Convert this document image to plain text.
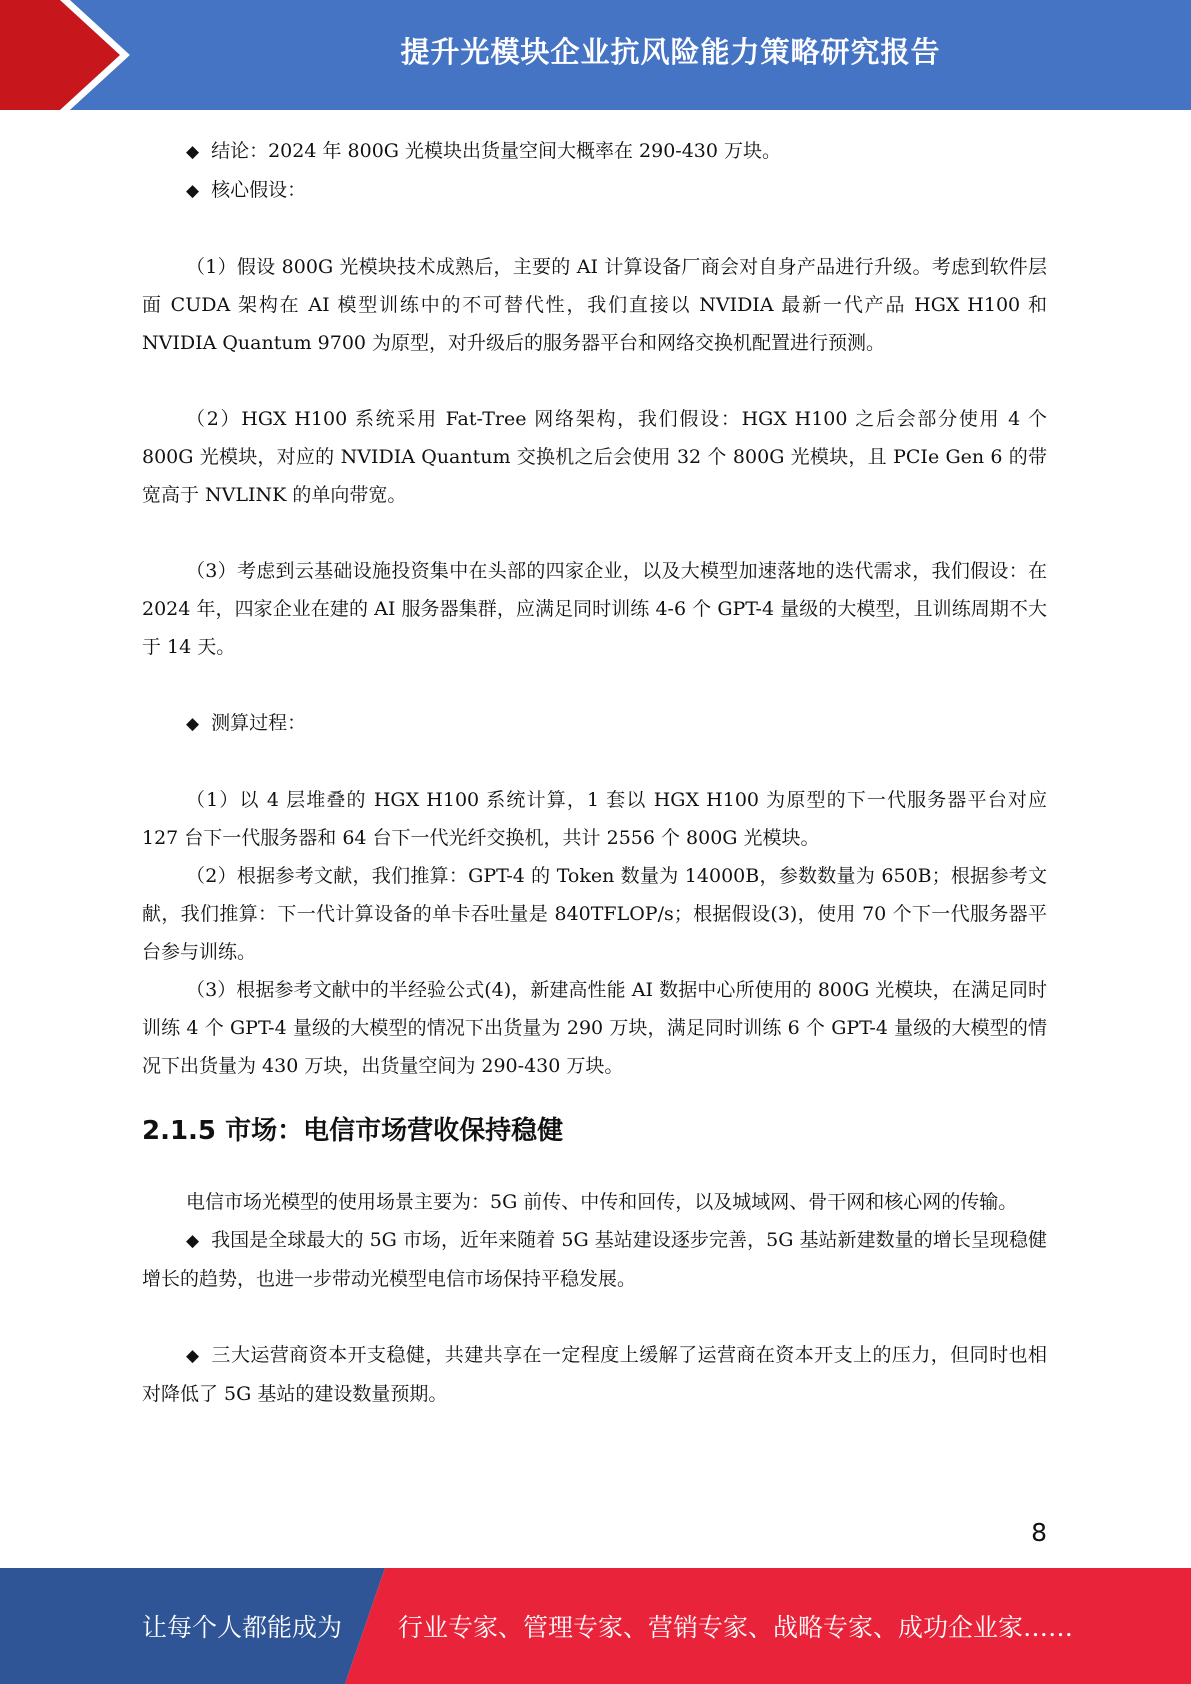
提升光模块企业抗风险能力策略研究报告

◆ 结论：2024 年 800G 光模块出货量空间大概率在 290-430 万块。

◆ 核心假设：

（1）假设 800G 光模块技术成熟后，主要的 AI 计算设备厂商会对自身产品进行升级。考虑到软件层面 CUDA 架构在 AI 模型训练中的不可替代性，我们直接以 NVIDIA 最新一代产品 HGX H100 和 NVIDIA Quantum 9700 为原型，对升级后的服务器平台和网络交换机配置进行预测。

（2）HGX H100 系统采用 Fat-Tree 网络架构，我们假设：HGX H100 之后会部分使用 4 个 800G 光模块，对应的 NVIDIA Quantum 交换机之后会使用 32 个 800G 光模块，且 PCIe Gen 6 的带宽高于 NVLINK 的单向带宽。

（3）考虑到云基础设施投资集中在头部的四家企业，以及大模型加速落地的迭代需求，我们假设：在 2024 年，四家企业在建的 AI 服务器集群，应满足同时训练 4-6 个 GPT-4 量级的大模型，且训练周期不大于 14 天。

◆ 测算过程：

（1）以 4 层堆叠的 HGX H100 系统计算，1 套以 HGX H100 为原型的下一代服务器平台对应 127 台下一代服务器和 64 台下一代光纤交换机，共计 2556 个 800G 光模块。

（2）根据参考文献，我们推算：GPT-4 的 Token 数量为 14000B，参数数量为 650B；根据参考文献，我们推算：下一代计算设备的单卡吞吐量是 840TFLOP/s；根据假设(3)，使用 70 个下一代服务器平台参与训练。

（3）根据参考文献中的半经验公式(4)，新建高性能 AI 数据中心所使用的 800G 光模块，在满足同时训练 4 个 GPT-4 量级的大模型的情况下出货量为 290 万块，满足同时训练 6 个 GPT-4 量级的大模型的情况下出货量为 430 万块，出货量空间为 290-430 万块。

2.1.5 市场：电信市场营收保持稳健

电信市场光模型的使用场景主要为：5G 前传、中传和回传，以及城域网、骨干网和核心网的传输。

◆ 我国是全球最大的 5G 市场，近年来随着 5G 基站建设逐步完善，5G 基站新建数量的增长呈现稳健增长的趋势，也进一步带动光模型电信市场保持平稳发展。

◆ 三大运营商资本开支稳健，共建共享在一定程度上缓解了运营商在资本开支上的压力，但同时也相对降低了 5G 基站的建设数量预期。

8
让每个人都能成为 行业专家、管理专家、营销专家、战略专家、成功企业家……
